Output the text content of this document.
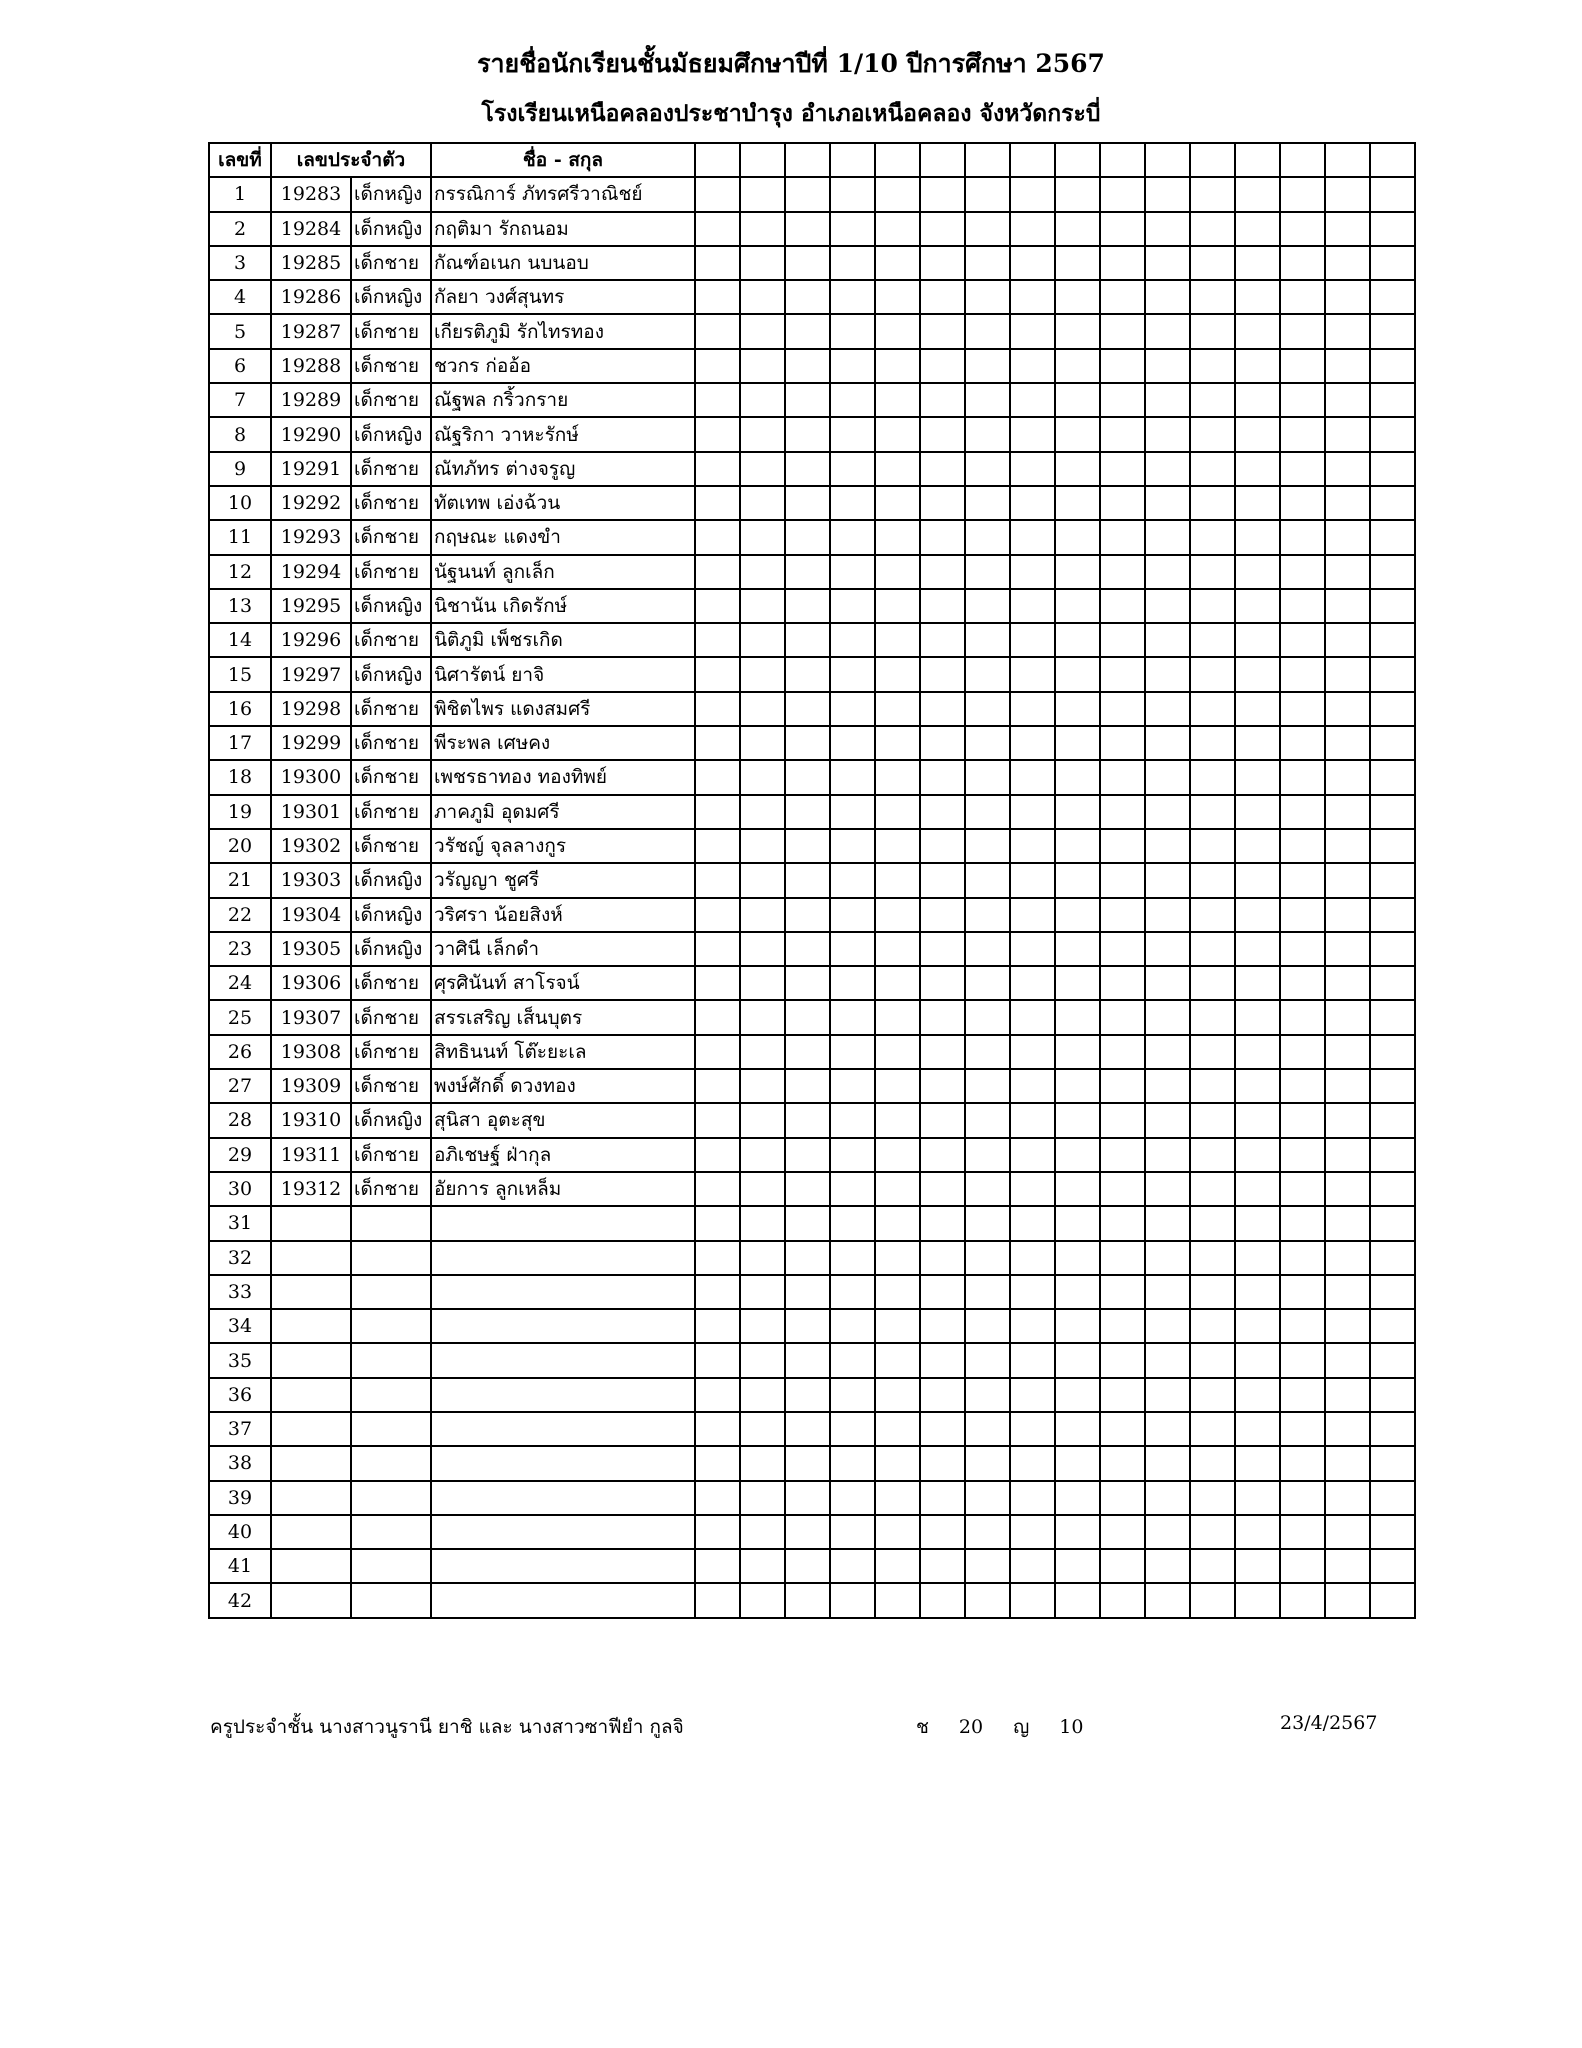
รายชื่อนักเรียนชั้นมัธยมศึกษาปีที่ 1/10 ปีการศึกษา 2567
โรงเรียนเหนือคลองประชาบำรุง อำเภอเหนือคลอง จังหวัดกระบี่
เลขที่	เลขประจำตัว		ชื่อ - สกุล																
1	19283	เด็กหญิง	กรรณิการ์ ภัทรศรีวาณิชย์																
2	19284	เด็กหญิง	กฤติมา รักถนอม																
3	19285	เด็กชาย	กัณฑ์อเนก นบนอบ																
4	19286	เด็กหญิง	กัลยา วงศ์สุนทร																
5	19287	เด็กชาย	เกียรติภูมิ รักไทรทอง																
6	19288	เด็กชาย	ชวกร ก่ออ้อ																
7	19289	เด็กชาย	ณัฐพล กริ้วกราย																
8	19290	เด็กหญิง	ณัฐริกา วาหะรักษ์																
9	19291	เด็กชาย	ณัทภัทร ต่างจรูญ																
10	19292	เด็กชาย	ทัตเทพ เอ่งฉ้วน																
11	19293	เด็กชาย	กฤษณะ แดงขำ																
12	19294	เด็กชาย	นัฐนนท์ ลูกเล็ก																
13	19295	เด็กหญิง	นิชานัน เกิดรักษ์																
14	19296	เด็กชาย	นิติภูมิ เพ็ชรเกิด																
15	19297	เด็กหญิง	นิศารัตน์ ยาจิ																
16	19298	เด็กชาย	พิชิตไพร แดงสมศรี																
17	19299	เด็กชาย	พีระพล เศษคง																
18	19300	เด็กชาย	เพชรธาทอง ทองทิพย์																
19	19301	เด็กชาย	ภาคภูมิ อุดมศรี																
20	19302	เด็กชาย	วรัชญ์ จุลลางกูร																
21	19303	เด็กหญิง	วรัญญา ชูศรี																
22	19304	เด็กหญิง	วริศรา น้อยสิงห์																
23	19305	เด็กหญิง	วาศินี เล็กดำ																
24	19306	เด็กชาย	ศุรศินันท์ สาโรจน์																
25	19307	เด็กชาย	สรรเสริญ เส็นบุตร																
26	19308	เด็กชาย	สิทธินนท์ โต๊ะยะเล																
27	19309	เด็กชาย	พงษ์ศักดิ์ ดวงทอง																
28	19310	เด็กหญิง	สุนิสา อุตะสุข																
29	19311	เด็กชาย	อภิเชษฐ์ ฝ่ากุล																
30	19312	เด็กชาย	อัยการ ลูกเหล็ม																
31																			
32																			
33																			
34																			
35																			
36																			
37																			
38																			
39																			
40																			
41																			
42																			
ครูประจำชั้น นางสาวนูรานี ยาชิ และ นางสาวซาฟียำ กูลจิ	ช 20 ญ 10	23/4/2567
